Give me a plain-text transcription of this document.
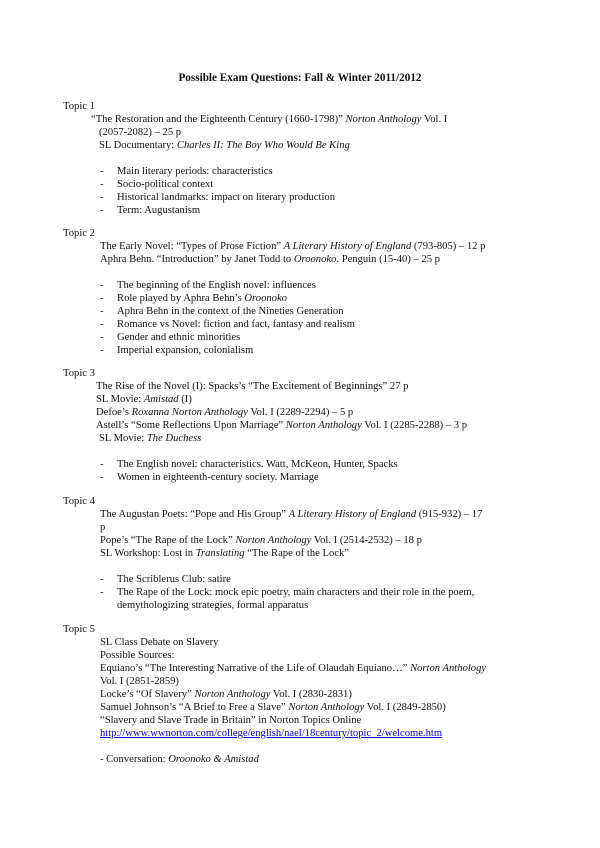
Possible Exam Questions: Fall & Winter 2011/2012
Topic 1
“The Restoration and the Eighteenth Century (1660-1798)” Norton Anthology Vol. I
(2057-2082) – 25 p
SL Documentary: Charles II: The Boy Who Would Be King
- Main literary periods: characteristics
- Socio-political context
- Historical landmarks: impact on literary production
- Term: Augustanism
Topic 2
The Early Novel: “Types of Prose Fiction” A Literary History of England (793-805) – 12 p
Aphra Behn. “Introduction” by Janet Todd to Oroonoko. Penguin (15-40) – 25 p
- The beginning of the English novel: influences
- Role played by Aphra Behn’s Oroonoko
- Aphra Behn in the context of the Nineties Generation
- Romance vs Novel: fiction and fact, fantasy and realism
- Gender and ethnic minorities
- Imperial expansion, colonialism
Topic 3
The Rise of the Novel (I): Spacks’s “The Excitement of Beginnings” 27 p
SL Movie: Amistad (I)
Defoe’s Roxanna Norton Anthology Vol. I (2289-2294) – 5 p
Astell’s “Some Reflections Upon Marriage” Norton Anthology Vol. I (2285-2288) – 3 p
SL Movie: The Duchess
- The English novel: characteristics. Watt, McKeon, Hunter, Spacks
- Women in eighteenth-century society. Marriage
Topic 4
The Augustan Poets: “Pope and His Group” A Literary History of England (915-932) – 17
p
Pope’s “The Rape of the Lock” Norton Anthology Vol. I (2514-2532) – 18 p
SL Workshop: Lost in Translating “The Rape of the Lock”
- The Scriblerus Club: satire
- The Rape of the Lock: mock epic poetry, main characters and their role in the poem,
demythologizing strategies, formal apparatus
Topic 5
SL Class Debate on Slavery
Possible Sources:
Equiano’s “The Interesting Narrative of the Life of Olaudah Equiano…” Norton Anthology
Vol. I (2851-2859)
Locke’s “Of Slavery” Norton Anthology Vol. I (2830-2831)
Samuel Johnson’s “A Brief to Free a Slave” Norton Anthology Vol. I (2849-2850)
“Slavery and Slave Trade in Britain” in Norton Topics Online
http://www.wwnorton.com/college/english/nael/18century/topic_2/welcome.htm
- Conversation: Oroonoko & Amistad
